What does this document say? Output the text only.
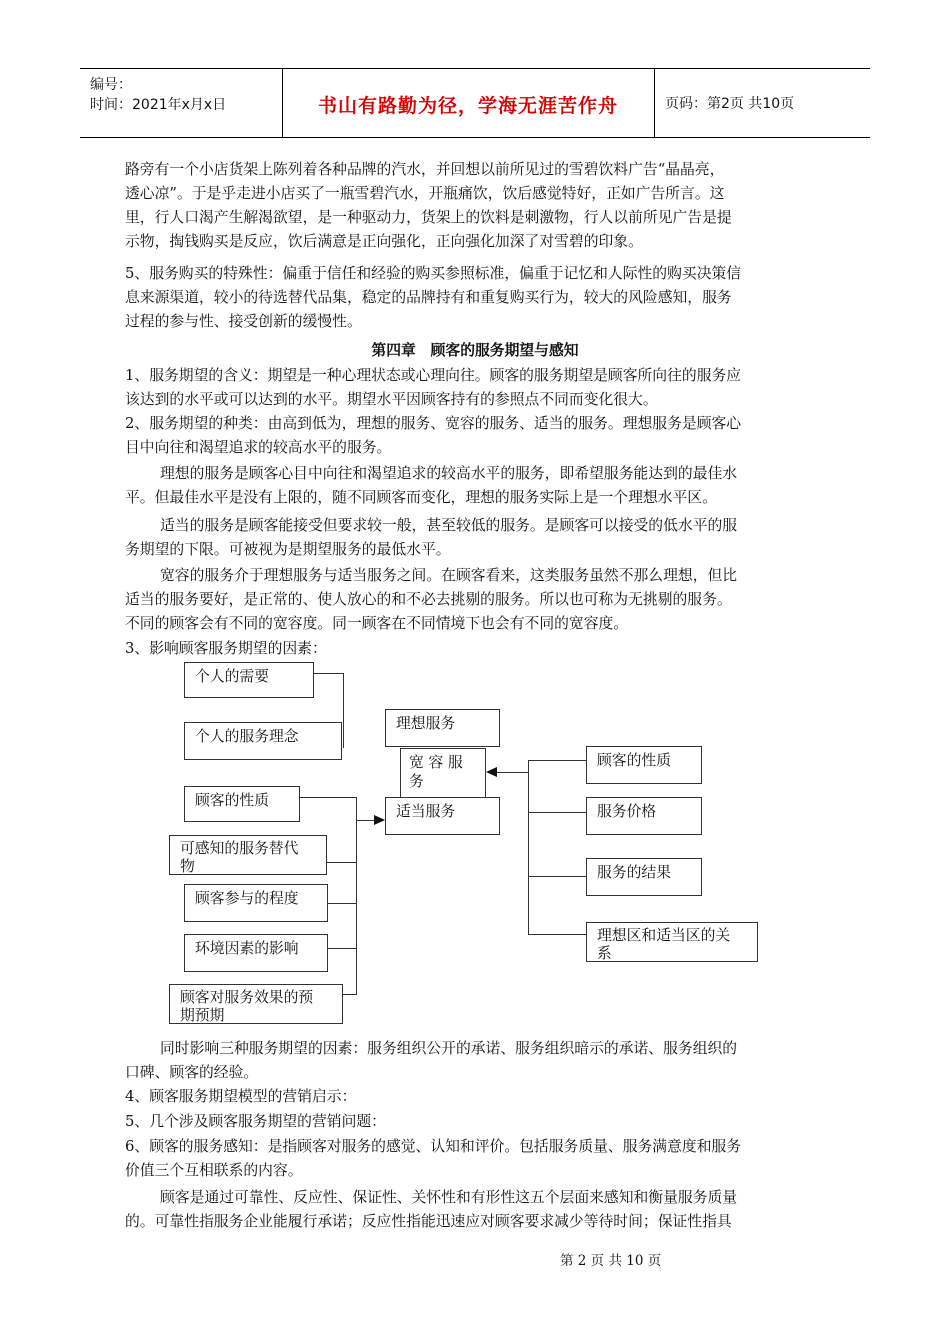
编号：
时间：2021年x月x日	书山有路勤为径，学海无涯苦作舟	页码：第2页 共10页
路旁有一个小店货架上陈列着各种品牌的汽水，并回想以前所见过的雪碧饮料广告“晶晶亮，
透心凉”。于是乎走进小店买了一瓶雪碧汽水，开瓶痛饮，饮后感觉特好，正如广告所言。这
里，行人口渴产生解渴欲望，是一种驱动力，货架上的饮料是刺激物，行人以前所见广告是提
示物，掏钱购买是反应，饮后满意是正向强化，正向强化加深了对雪碧的印象。
5、服务购买的特殊性：偏重于信任和经验的购买参照标准，偏重于记忆和人际性的购买决策信
息来源渠道，较小的待选替代品集，稳定的品牌持有和重复购买行为，较大的风险感知，服务
过程的参与性、接受创新的缓慢性。
第四章　顾客的服务期望与感知
1、服务期望的含义：期望是一种心理状态或心理向往。顾客的服务期望是顾客所向往的服务应
该达到的水平或可以达到的水平。期望水平因顾客持有的参照点不同而变化很大。
2、服务期望的种类：由高到低为，理想的服务、宽容的服务、适当的服务。理想服务是顾客心
目中向往和渴望追求的较高水平的服务。
理想的服务是顾客心目中向往和渴望追求的较高水平的服务，即希望服务能达到的最佳水
平。但最佳水平是没有上限的，随不同顾客而变化，理想的服务实际上是一个理想水平区。
适当的服务是顾客能接受但要求较一般，甚至较低的服务。是顾客可以接受的低水平的服
务期望的下限。可被视为是期望服务的最低水平。
宽容的服务介于理想服务与适当服务之间。在顾客看来，这类服务虽然不那么理想，但比
适当的服务要好，是正常的、使人放心的和不必去挑剔的服务。所以也可称为无挑剔的服务。
不同的顾客会有不同的宽容度。同一顾客在不同情境下也会有不同的宽容度。
3、影响顾客服务期望的因素：
个人的需要
个人的服务理念
理想服务
宽 容 服
务
适当服务
顾客的性质
可感知的服务替代
物
顾客参与的程度
环境因素的影响
顾客对服务效果的预
期预期
顾客的性质
服务价格
服务的结果
理想区和适当区的关
系
同时影响三种服务期望的因素：服务组织公开的承诺、服务组织暗示的承诺、服务组织的
口碑、顾客的经验。
4、顾客服务期望模型的营销启示：
5、几个涉及顾客服务期望的营销问题：
6、顾客的服务感知：是指顾客对服务的感觉、认知和评价。包括服务质量、服务满意度和服务
价值三个互相联系的内容。
顾客是通过可靠性、反应性、保证性、关怀性和有形性这五个层面来感知和衡量服务质量
的。可靠性指服务企业能履行承诺；反应性指能迅速应对顾客要求减少等待时间；保证性指具
第 2 页 共 10 页
